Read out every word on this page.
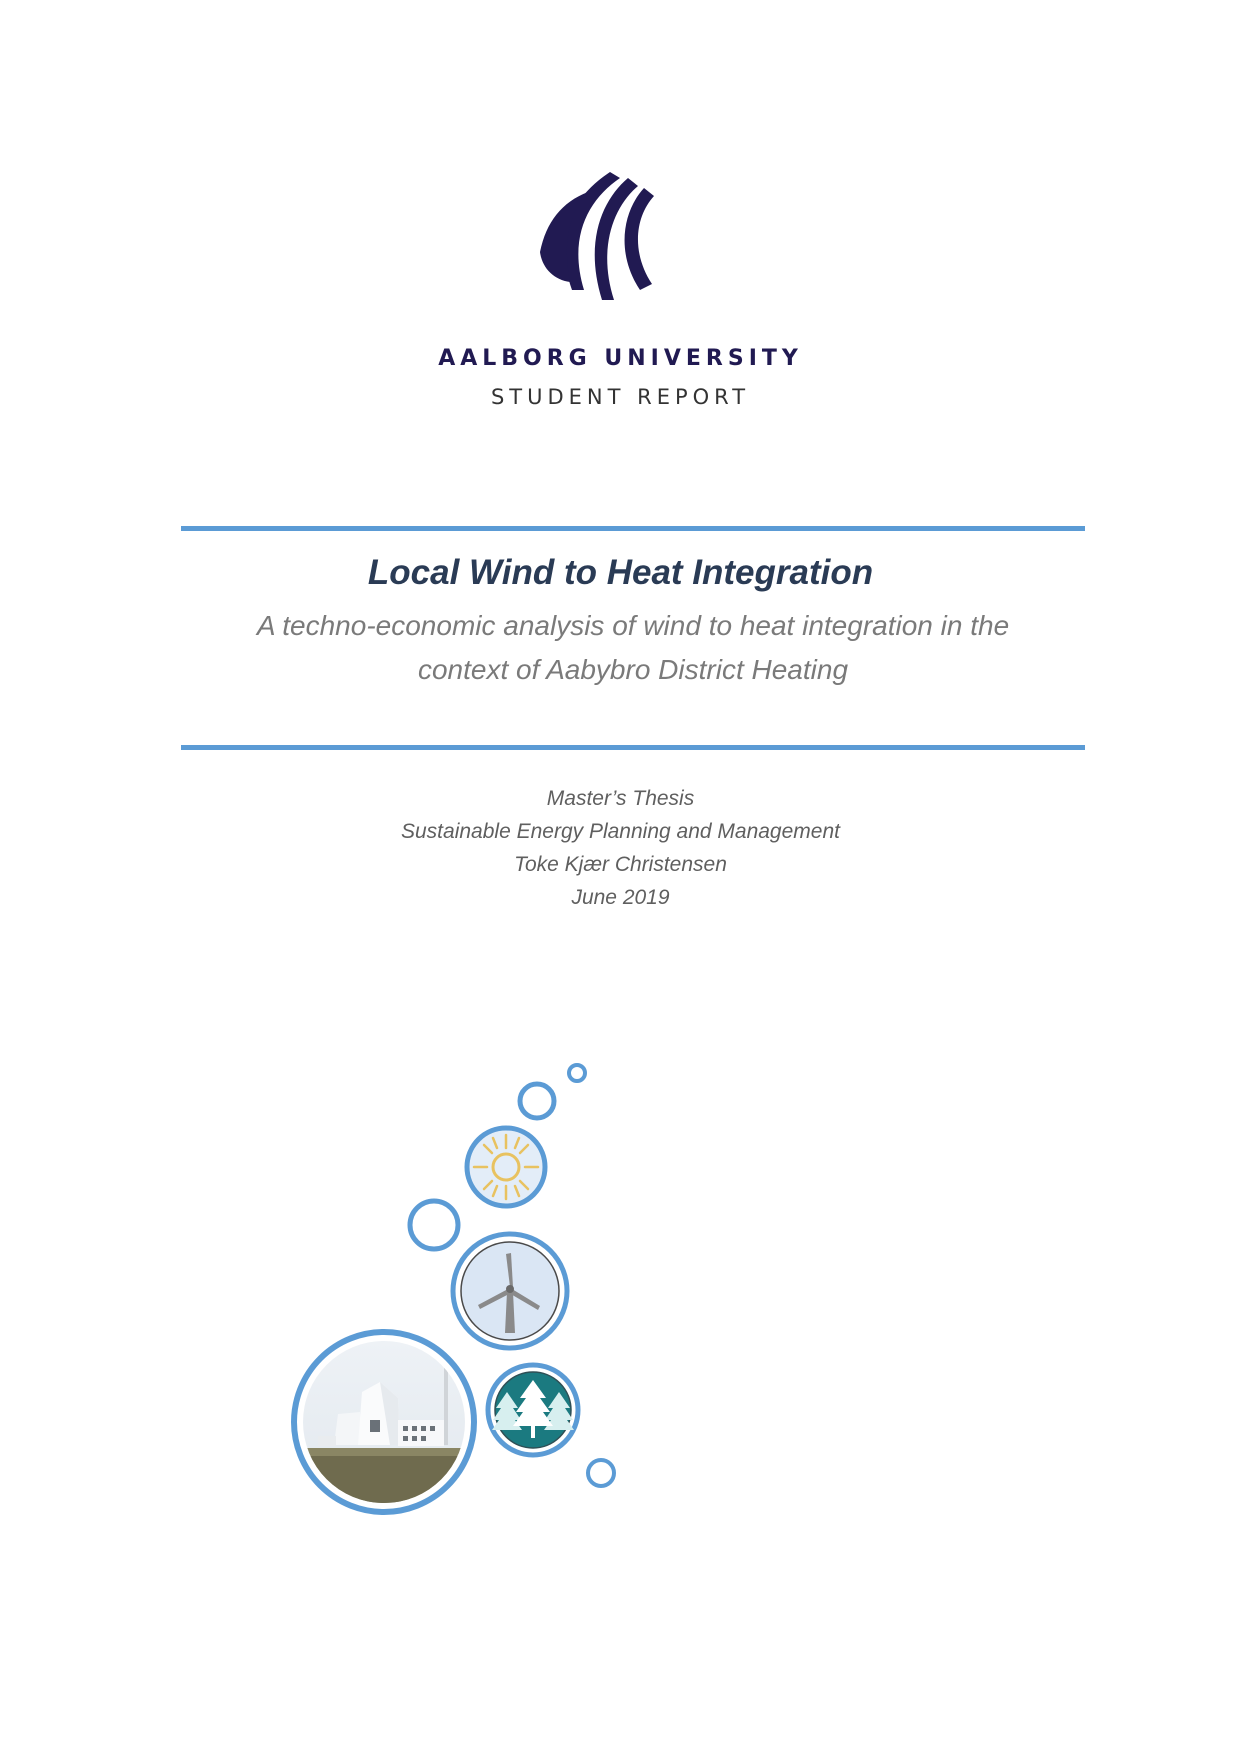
AALBORG UNIVERSITY

STUDENT REPORT

Local Wind to Heat Integration
A techno-economic analysis of wind to heat integration in the
context of Aabybro District Heating
Master’s Thesis
Sustainable Energy Planning and Management
Toke Kjær Christensen
June 2019
